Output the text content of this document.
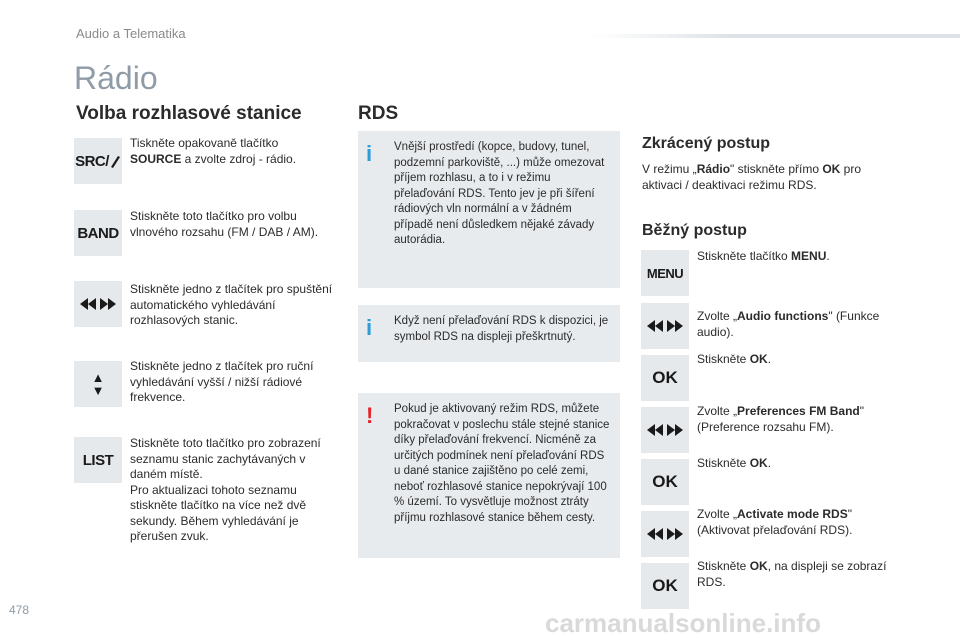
Audio a Telematika
Rádio
Volba rozhlasové stanice
SRC/
Tiskněte opakovaně tlačítko SOURCE a zvolte zdroj - rádio.
BAND
Stiskněte toto tlačítko pro volbu vlnového rozsahu (FM / DAB / AM).
Stiskněte jedno z tlačítek pro spuštění automatického vyhledávání rozhlasových stanic.
▲
▼
Stiskněte jedno z tlačítek pro ruční vyhledávání vyšší / nižší rádiové frekvence.
LIST
Stiskněte toto tlačítko pro zobrazení seznamu stanic zachytávaných v daném místě.
Pro aktualizaci tohoto seznamu stiskněte tlačítko na více než dvě sekundy. Během vyhledávání je přerušen zvuk.
RDS
i Vnější prostředí (kopce, budovy, tunel, podzemní parkoviště, ...) může omezovat příjem rozhlasu, a to i v režimu přelaďování RDS. Tento jev je při šíření rádiových vln normální a v žádném případě není důsledkem nějaké závady autorádia.
i Když není přelaďování RDS k dispozici, je symbol RDS na displeji přeškrtnutý.
! Pokud je aktivovaný režim RDS, můžete pokračovat v poslechu stále stejné stanice díky přelaďování frekvencí. Nicméně za určitých podmínek není přelaďování RDS u dané stanice zajištěno po celé zemi, neboť rozhlasové stanice nepokrývají 100 % území. To vysvětluje možnost ztráty příjmu rozhlasové stanice během cesty.
Zkrácený postup
V režimu „Rádio" stiskněte přímo OK pro aktivaci / deaktivaci režimu RDS.
Běžný postup
MENU
Stiskněte tlačítko MENU.
Zvolte „Audio functions" (Funkce audio).
OK
Stiskněte OK.
Zvolte „Preferences FM Band" (Preference rozsahu FM).
OK
Stiskněte OK.
Zvolte „Activate mode RDS" (Aktivovat přelaďování RDS).
OK
Stiskněte OK, na displeji se zobrazí RDS.
478	carmanualsonline.info
